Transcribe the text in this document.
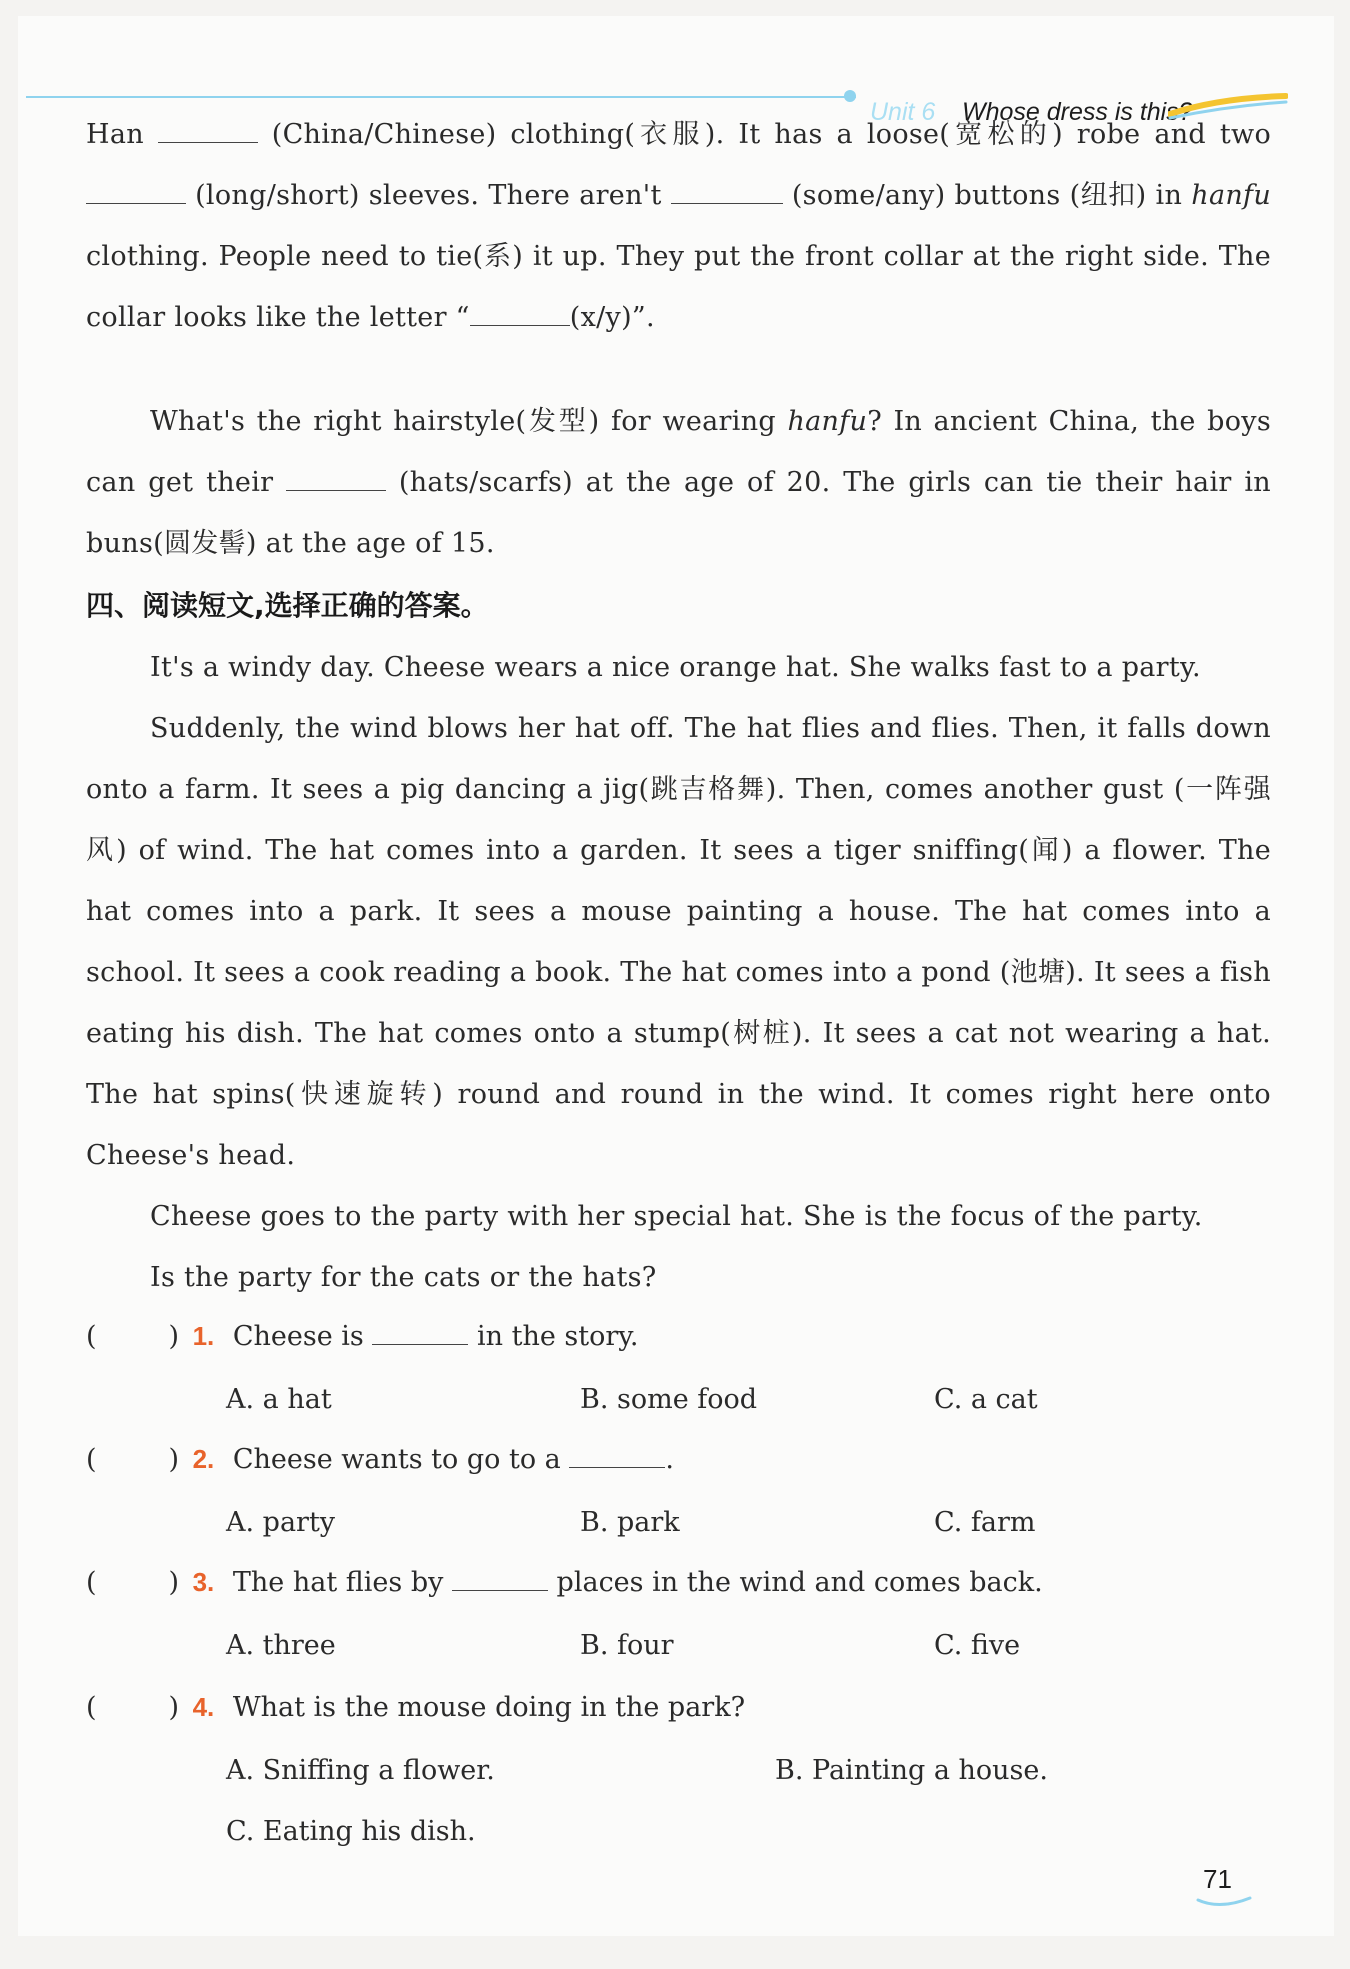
Unit 6 Whose dress is this?
Han	(China/Chinese) clothing(衣服). It has a loose(宽松的) robe and two  (long/short) sleeves. There aren't	(some/any) buttons (纽扣) in hanfu clothing. People need to tie(系) it up. They put the front collar at the right side. The collar looks like the letter “	(x/y)”.
What's the right hairstyle(发型) for wearing hanfu? In ancient China, the boys can get their	(hats/scarfs) at the age of 20. The girls can tie their hair in buns(圆发髻) at the age of 15.
四、阅读短文,选择正确的答案。
It's a windy day. Cheese wears a nice orange hat. She walks fast to a party.
Suddenly, the wind blows her hat off. The hat flies and flies. Then, it falls down onto a farm. It sees a pig dancing a jig(跳吉格舞). Then, comes another gust (一阵强风) of wind. The hat comes into a garden. It sees a tiger sniffing(闻) a flower. The hat comes into a park. It sees a mouse painting a house. The hat comes into a school. It sees a cook reading a book. The hat comes into a pond (池塘). It sees a fish eating his dish. The hat comes onto a stump(树桩). It sees a cat not wearing a hat. The hat spins(快速旋转) round and round in the wind. It comes right here onto Cheese's head.
Cheese goes to the party with her special hat. She is the focus of the party.
Is the party for the cats or the hats?
(	) 1. Cheese is	in the story.
A. a hat	B. some food	C. a cat
(	) 2. Cheese wants to go to a	.
A. party	B. park	C. farm
(	) 3. The hat flies by	places in the wind and comes back.
A. three	B. four	C. five
(	) 4. What is the mouse doing in the park?
A. Sniffing a flower.	B. Painting a house.
C. Eating his dish.
71
